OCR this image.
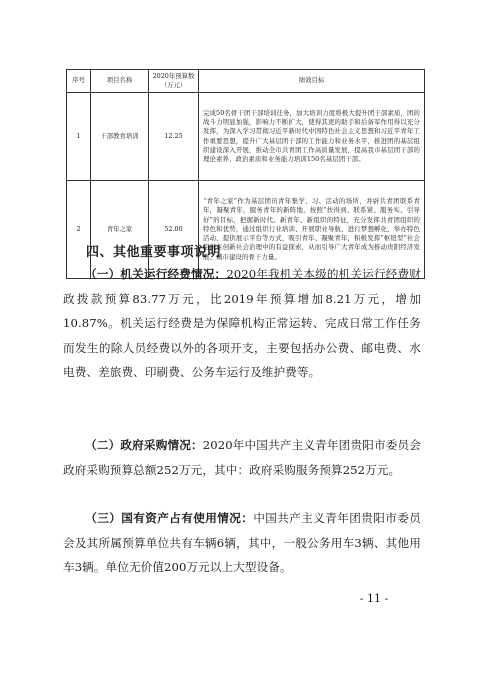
序号	项目名称	2020年预算数（万元）	绩效目标
1	干部教育培训	12.25	完成50名骨干团干部培训任务，加大培训力度将极大提升团干部素质，团的战斗力明显加强，影响力不断扩大，使得其更的助手和后备军作用得以充分发挥，为深入学习贯彻习近平新时代中国特色社会主义思想和习近平青年工作重要思想，提升广大基层团干部的工作能力和业务水平，推进团的基层组织建设深入开展，推动全市共青团工作高质量发展，提高我市基层团干部的理论素养、政治素质和业务能力培训150名基层团干部。
2	青年之家	52.00	“青年之家”作为基层团员青年集学、习、活动的场所，并辟共青团联系青年，凝聚青年，服务青年的新阵地，按照“扶得到、联系紧、服务实、引导好”的目标，把握新时代、新青年、新组织的特征，充分发挥共青团组织的特色和优势，通过组织行业培训、开展职业导航、进行梦想孵化、举办特色活动、提供展示平台等方式，吸引青年、凝聚青年，积极发挥“枢纽型”社会组织在创新社会治理中的有益探索，从而引导广大青年成为推动贵阳经济发展、城市建设的骨干力量。
四、其他重要事项说明
（一）机关运行经费情况：2020年我机关本级的机关运行经费财政拨款预算83.77万元，比2019年预算增加8.21万元，增加10.87%。机关运行经费是为保障机构正常运转、完成日常工作任务而发生的除人员经费以外的各项开支，主要包括办公费、邮电费、水电费、差旅费、印刷费、公务车运行及维护费等。
（二）政府采购情况：2020年中国共产主义青年团贵阳市委员会政府采购预算总额252万元，其中：政府采购服务预算252万元。
（三）国有资产占有使用情况：中国共产主义青年团贵阳市委员会及其所属预算单位共有车辆6辆，其中，一般公务用车3辆、其他用车3辆。单位无价值200万元以上大型设备。
- 11 -
